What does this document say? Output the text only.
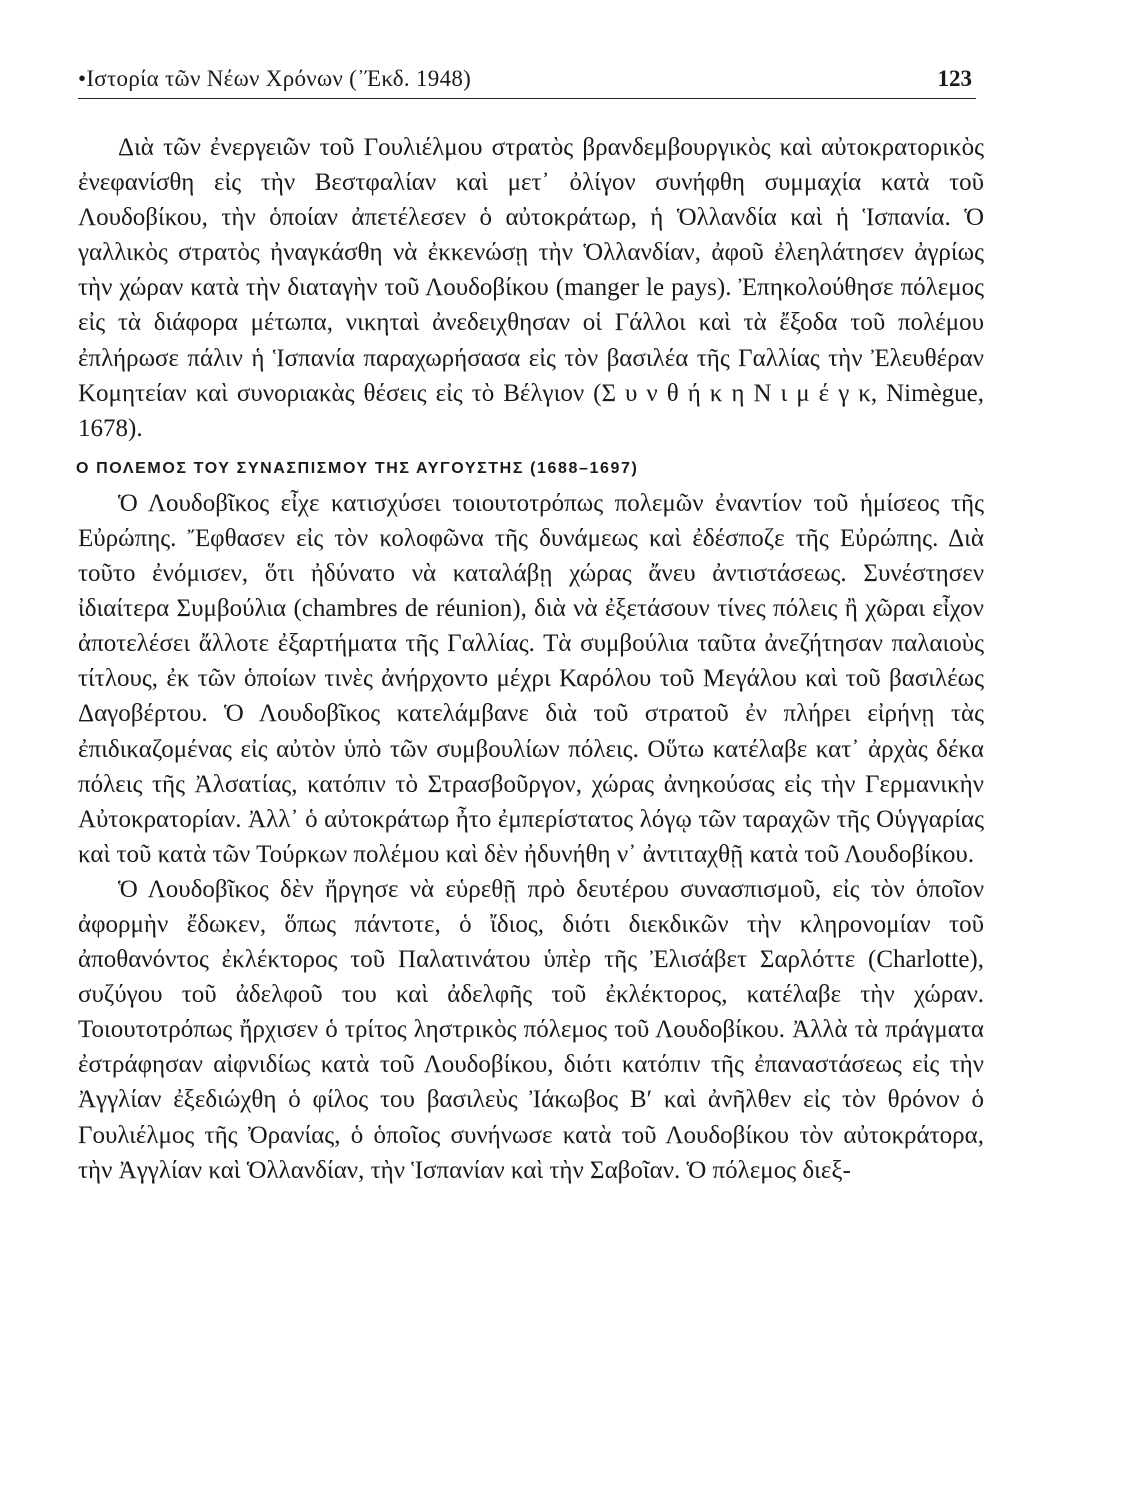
•Ιστορία τῶν Νέων Χρόνων (᾿Έκδ. 1948)	123

Διὰ τῶν ἐνεργειῶν τοῦ Γουλιέλμου στρατὸς βρανδεμβουργικὸς καὶ αὐτοκρατορικὸς ἐνεφανίσθη εἰς τὴν Βεστφαλίαν καὶ μετ᾽ ὀλίγον συνήφθη συμμαχία κατὰ τοῦ Λουδοβίκου, τὴν ὁποίαν ἀπετέλεσεν ὁ αὐτοκράτωρ, ἡ Ὁλλανδία καὶ ἡ Ἱσπανία. Ὁ γαλλικὸς στρατὸς ἠναγκάσθη νὰ ἐκκενώσῃ τὴν Ὁλλανδίαν, ἀφοῦ ἐλεηλάτησεν ἀγρίως τὴν χώραν κατὰ τὴν διαταγὴν τοῦ Λουδοβίκου (manger le pays). Ἐπηκολούθησε πόλεμος εἰς τὰ διάφορα μέτωπα, νικηταὶ ἀνεδειχθησαν οἱ Γάλλοι καὶ τὰ ἔξοδα τοῦ πολέμου ἐπλήρωσε πάλιν ἡ Ἱσπανία παραχωρήσασα εἰς τὸν βασιλέα τῆς Γαλλίας τὴν Ἐλευθέραν Κομητείαν καὶ συνοριακὰς θέσεις εἰς τὸ Βέλγιον (Σ υ ν θ ή κ η Ν ι μ έ γ κ, Nimègue, 1678).

Ο ΠΟΛΕΜΟΣ ΤΟΥ ΣΥΝΑΣΠΙΣΜΟΥ ΤΗΣ ΑΥΓΟΥΣΤΗΣ (1688–1697)

Ὁ Λουδοβῖκος εἶχε κατισχύσει τοιουτοτρόπως πολεμῶν ἐναντίον τοῦ ἡμίσεος τῆς Εὐρώπης. Ἔφθασεν εἰς τὸν κολοφῶνα τῆς δυνάμεως καὶ ἐδέσποζε τῆς Εὐρώπης. Διὰ τοῦτο ἐνόμισεν, ὅτι ἠδύνατο νὰ καταλάβῃ χώρας ἄνευ ἀντιστάσεως. Συνέστησεν ἰδιαίτερα Συμβούλια (chambres de réunion), διὰ νὰ ἐξετάσουν τίνες πόλεις ἢ χῶραι εἶχον ἀποτελέσει ἄλλοτε ἐξαρτήματα τῆς Γαλλίας. Τὰ συμβούλια ταῦτα ἀνεζήτησαν παλαιοὺς τίτλους, ἐκ τῶν ὁποίων τινὲς ἀνήρχοντο μέχρι Καρόλου τοῦ Μεγάλου καὶ τοῦ βασιλέως Δαγοβέρτου. Ὁ Λουδοβῖκος κατελάμβανε διὰ τοῦ στρατοῦ ἐν πλήρει εἰρήνῃ τὰς ἐπιδικαζομένας εἰς αὐτὸν ὑπὸ τῶν συμβουλίων πόλεις. Οὕτω κατέλαβε κατ᾽ ἀρχὰς δέκα πόλεις τῆς Ἀλσατίας, κατόπιν τὸ Στρασβοῦργον, χώρας ἀνηκούσας εἰς τὴν Γερμανικὴν Αὐτοκρατορίαν. Ἀλλ᾽ ὁ αὐτοκράτωρ ἦτο ἐμπερίστατος λόγῳ τῶν ταραχῶν τῆς Οὑγγαρίας καὶ τοῦ κατὰ τῶν Τούρκων πολέμου καὶ δὲν ἠδυνήθη ν᾽ ἀντιταχθῇ κατὰ τοῦ Λουδοβίκου.

Ὁ Λουδοβῖκος δὲν ἤργησε νὰ εὑρεθῇ πρὸ δευτέρου συνασπισμοῦ, εἰς τὸν ὁποῖον ἀφορμὴν ἔδωκεν, ὅπως πάντοτε, ὁ ἴδιος, διότι διεκδικῶν τὴν κληρονομίαν τοῦ ἀποθανόντος ἐκλέκτορος τοῦ Παλατινάτου ὑπὲρ τῆς Ἐλισάβετ Σαρλόττε (Charlotte), συζύγου τοῦ ἀδελφοῦ του καὶ ἀδελφῆς τοῦ ἐκλέκτορος, κατέλαβε τὴν χώραν. Τοιουτοτρόπως ἤρχισεν ὁ τρίτος ληστρικὸς πόλεμος τοῦ Λουδοβίκου. Ἀλλὰ τὰ πράγματα ἐστράφησαν αἰφνιδίως κατὰ τοῦ Λουδοβίκου, διότι κατόπιν τῆς ἐπαναστάσεως εἰς τὴν Ἀγγλίαν ἐξεδιώχθη ὁ φίλος του βασιλεὺς Ἰάκωβος Βʹ καὶ ἀνῆλθεν εἰς τὸν θρόνον ὁ Γουλιέλμος τῆς Ὀρανίας, ὁ ὁποῖος συνήνωσε κατὰ τοῦ Λουδοβίκου τὸν αὐτοκράτορα, τὴν Ἀγγλίαν καὶ Ὁλλανδίαν, τὴν Ἱσπανίαν καὶ τὴν Σαβοῖαν. Ὁ πόλεμος διεξ-
